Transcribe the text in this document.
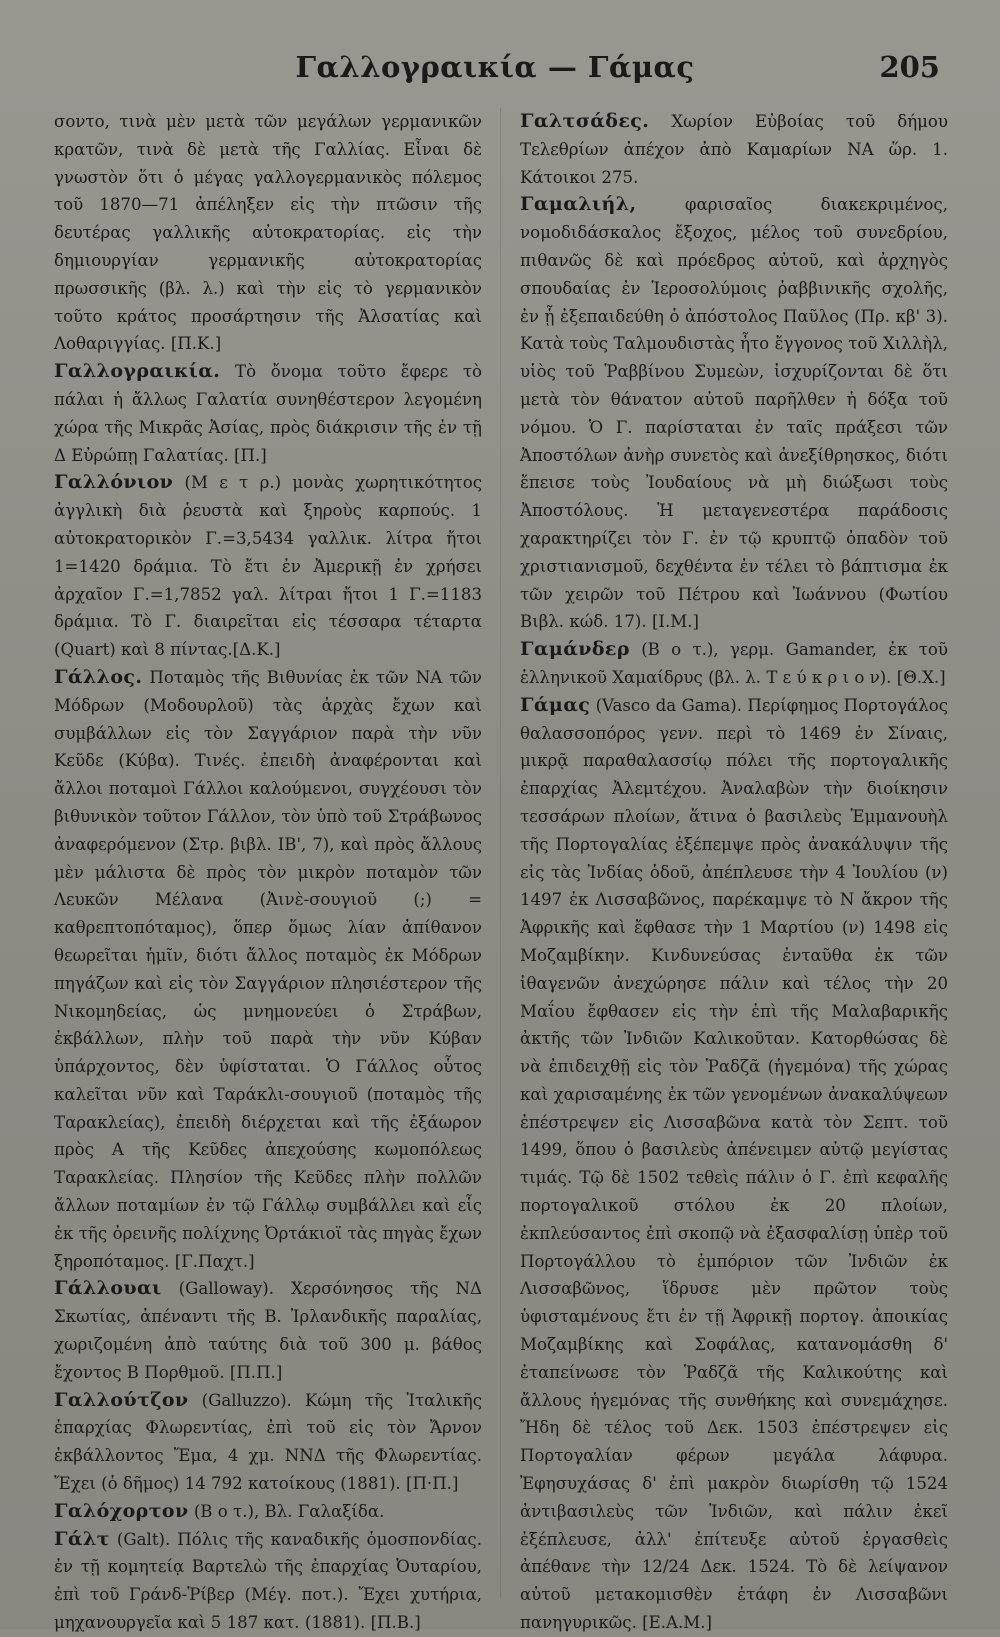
Γαλλογραικία — Γάμας	205

σοντο, τινὰ μὲν μετὰ τῶν μεγάλων γερμανικῶν κρατῶν, τινὰ δὲ μετὰ τῆς Γαλλίας. Εἶναι δὲ γνωστὸν ὅτι ὁ μέγας γαλλογερμανικὸς πόλεμος τοῦ 1870—71 ἀπέληξεν εἰς τὴν πτῶσιν τῆς δευτέρας γαλλικῆς αὐτοκρατορίας. εἰς τὴν δημιουργίαν γερμανικῆς αὐτοκρατορίας πρωσσικῆς (βλ. λ.) καὶ τὴν εἰς τὸ γερμανικὸν τοῦτο κράτος προσάρτησιν τῆς Ἀλσατίας καὶ Λοθαριγγίας. [Π.Κ.]

Γαλλογραικία. Τὸ ὄνομα τοῦτο ἔφερε τὸ πάλαι ἡ ἄλλως Γαλατία συνηθέστερον λεγομένη χώρα τῆς Μικρᾶς Ἀσίας, πρὸς διάκρισιν τῆς ἐν τῇ Δ Εὐρώπῃ Γαλατίας. [Π.]

Γαλλόνιον (Μ ε τ ρ.) μονὰς χωρητικότητος ἀγγλικὴ διὰ ῥευστὰ καὶ ξηροὺς καρπούς. 1 αὐτοκρατορικὸν Γ.=3,5434 γαλλικ. λίτρα ἤτοι 1=1420 δράμια. Τὸ ἔτι ἐν Ἀμερικῇ ἐν χρήσει ἀρχαῖον Γ.=1,7852 γαλ. λίτραι ἤτοι 1 Γ.=1183 δράμια. Τὸ Γ. διαιρεῖται εἰς τέσσαρα τέταρτα (Quart) καὶ 8 πίντας.[Δ.Κ.]

Γάλλος. Ποταμὸς τῆς Βιθυνίας ἐκ τῶν ΝΑ τῶν Μόδρων (Μοδουρλοῦ) τὰς ἀρχὰς ἔχων καὶ συμβάλλων εἰς τὸν Σαγγάριον παρὰ τὴν νῦν Κεῦδε (Κύβα). Τινές. ἐπειδὴ ἀναφέρονται καὶ ἄλλοι ποταμοὶ Γάλλοι καλούμενοι, συγχέουσι τὸν βιθυνικὸν τοῦτον Γάλλον, τὸν ὑπὸ τοῦ Στράβωνος ἀναφερόμενον (Στρ. βιβλ. ΙΒ', 7), καὶ πρὸς ἄλλους μὲν μάλιστα δὲ πρὸς τὸν μικρὸν ποταμὸν τῶν Λευκῶν Μέλανα (Ἀινὲ-σουγιοῦ (;) = καθρεπτοπόταμος), ὅπερ ὅμως λίαν ἀπίθανον θεωρεῖται ἡμῖν, διότι ἄλλος ποταμὸς ἐκ Μόδρων πηγάζων καὶ εἰς τὸν Σαγγάριον πλησιέστερον τῆς Νικομηδείας, ὡς μνημονεύει ὁ Στράβων, ἐκβάλλων, πλὴν τοῦ παρὰ τὴν νῦν Κύβαν ὑπάρχοντος, δὲν ὑφίσταται. Ὁ Γάλλος οὗτος καλεῖται νῦν καὶ Ταράκλι-σουγιοῦ (ποταμὸς τῆς Ταρακλείας), ἐπειδὴ διέρχεται καὶ τῆς ἐξάωρον πρὸς Α τῆς Κεῦδες ἀπεχούσης κωμοπόλεως Ταρακλείας. Πλησίον τῆς Κεῦδες πλὴν πολλῶν ἄλλων ποταμίων ἐν τῷ Γάλλῳ συμβάλλει καὶ εἷς ἐκ τῆς ὀρεινῆς πολίχνης Ὀρτάκιοϊ τὰς πηγὰς ἔχων ξηροπόταμος. [Γ.Παχτ.]

Γάλλουαι (Galloway). Χερσόνησος τῆς ΝΔ Σκωτίας, ἀπέναντι τῆς Β. Ἰρλανδικῆς παραλίας, χωριζομένη ἀπὸ ταύτης διὰ τοῦ 300 μ. βάθος ἔχοντος Β Πορθμοῦ. [Π.Π.]

Γαλλούτζον (Galluzzo). Κώμη τῆς Ἰταλικῆς ἐπαρχίας Φλωρεντίας, ἐπὶ τοῦ εἰς τὸν Ἄρνον ἐκβάλλοντος Ἔμα, 4 χμ. ΝΝΔ τῆς Φλωρεντίας. Ἔχει (ὁ δῆμος) 14 792 κατοίκους (1881). [Π·Π.]

Γαλόχορτον (Β ο τ.), Βλ. Γαλαξίδα.

Γάλτ (Galt). Πόλις τῆς καναδικῆς ὁμοσπονδίας. ἐν τῇ κομητείᾳ Βαρτελὼ τῆς ἐπαρχίας Ὀυταρίου, ἐπὶ τοῦ Γράνδ-Ῥίβερ (Μέγ. ποτ.). Ἔχει χυτήρια, μηχανουργεῖα καὶ 5 187 κατ. (1881). [Π.Β.]

Γαλτσάδες. Χωρίον Εὐβοίας τοῦ δήμου Τελεθρίων ἀπέχον ἀπὸ Καμαρίων ΝΑ ὥρ. 1. Κάτοικοι 275.

Γαμαλιήλ, φαρισαῖος διακεκριμένος, νομοδιδάσκαλος ἔξοχος, μέλος τοῦ συνεδρίου, πιθανῶς δὲ καὶ πρόεδρος αὐτοῦ, καὶ ἀρχηγὸς σπουδαίας ἐν Ἱεροσολύμοις ῥαββινικῆς σχολῆς, ἐν ᾗ ἐξεπαιδεύθη ὁ ἀπόστολος Παῦλος (Πρ. κβ' 3). Κατὰ τοὺς Ταλμουδιστὰς ἦτο ἔγγονος τοῦ Χιλλὴλ, υἱὸς τοῦ Ῥαββίνου Συμεὼν, ἰσχυρίζονται δὲ ὅτι μετὰ τὸν θάνατον αὐτοῦ παρῆλθεν ἡ δόξα τοῦ νόμου. Ὁ Γ. παρίσταται ἐν ταῖς πράξεσι τῶν Ἀποστόλων ἀνὴρ συνετὸς καὶ ἀνεξίθρησκος, διότι ἔπεισε τοὺς Ἰουδαίους νὰ μὴ διώξωσι τοὺς Ἀποστόλους. Ἡ μεταγενεστέρα παράδοσις χαρακτηρίζει τὸν Γ. ἐν τῷ κρυπτῷ ὀπαδὸν τοῦ χριστιανισμοῦ, δεχθέντα ἐν τέλει τὸ βάπτισμα ἐκ τῶν χειρῶν τοῦ Πέτρου καὶ Ἰωάννου (Φωτίου Βιβλ. κώδ. 17). [Ι.Μ.]

Γαμάνδερ (Β ο τ.), γερμ. Gamander, ἐκ τοῦ ἑλληνικοῦ Χαμαίδρυς (βλ. λ. Τ ε ύ κ ρ ι ο ν). [Θ.Χ.]

Γάμας (Vasco da Gama). Περίφημος Πορτογάλος θαλασσοπόρος γενν. περὶ τὸ 1469 ἐν Σίναις, μικρᾷ παραθαλασσίῳ πόλει τῆς πορτογαλικῆς ἐπαρχίας Ἀλεμτέχου. Ἀναλαβὼν τὴν διοίκησιν τεσσάρων πλοίων, ἅτινα ὁ βασιλεὺς Ἐμμανουὴλ τῆς Πορτογαλίας ἐξέπεμψε πρὸς ἀνακάλυψιν τῆς εἰς τὰς Ἰνδίας ὁδοῦ, ἀπέπλευσε τὴν 4 Ἰουλίου (ν) 1497 ἐκ Λισσαβῶνος, παρέκαμψε τὸ Ν ἄκρον τῆς Ἀφρικῆς καὶ ἔφθασε τὴν 1 Μαρτίου (ν) 1498 εἰς Μοζαμβίκην. Κινδυνεύσας ἐνταῦθα ἐκ τῶν ἰθαγενῶν ἀνεχώρησε πάλιν καὶ τέλος τὴν 20 Μαΐου ἔφθασεν εἰς τὴν ἐπὶ τῆς Μαλαβαρικῆς ἀκτῆς τῶν Ἰνδιῶν Καλικοῦταν. Κατορθώσας δὲ νὰ ἐπιδειχθῇ εἰς τὸν Ῥαδζᾶ (ἡγεμόνα) τῆς χώρας καὶ χαρισαμένης ἐκ τῶν γενομένων ἀνακαλύψεων ἐπέστρεψεν εἰς Λισσαβῶνα κατὰ τὸν Σεπτ. τοῦ 1499, ὅπου ὁ βασιλεὺς ἀπένειμεν αὐτῷ μεγίστας τιμάς. Τῷ δὲ 1502 τεθεὶς πάλιν ὁ Γ. ἐπὶ κεφαλῆς πορτογαλικοῦ στόλου ἐκ 20 πλοίων, ἐκπλεύσαντος ἐπὶ σκοπῷ νὰ ἐξασφαλίσῃ ὑπὲρ τοῦ Πορτογάλλου τὸ ἐμπόριον τῶν Ἰνδιῶν ἐκ Λισσαβῶνος, ἵδρυσε μὲν πρῶτον τοὺς ὑφισταμένους ἔτι ἐν τῇ Ἀφρικῇ πορτογ. ἀποικίας Μοζαμβίκης καὶ Σοφάλας, κατανομάσθη δ' ἐταπείνωσε τὸν Ῥαδζᾶ τῆς Καλικούτης καὶ ἄλλους ἡγεμόνας τῆς συνθήκης καὶ συνεμάχησε. Ἤδη δὲ τέλος τοῦ Δεκ. 1503 ἐπέστρεψεν εἰς Πορτογαλίαν φέρων μεγάλα λάφυρα. Ἐφησυχάσας δ' ἐπὶ μακρὸν διωρίσθη τῷ 1524 ἀντιβασιλεὺς τῶν Ἰνδιῶν, καὶ πάλιν ἐκεῖ ἐξέπλευσε, ἀλλ' ἐπίτευξε αὐτοῦ ἐργασθεὶς ἀπέθανε τὴν 12/24 Δεκ. 1524. Τὸ δὲ λείψανον αὐτοῦ μετακομισθὲν ἐτάφη ἐν Λισσαβῶνι πανηγυρικῶς. [Ε.Α.Μ.]
